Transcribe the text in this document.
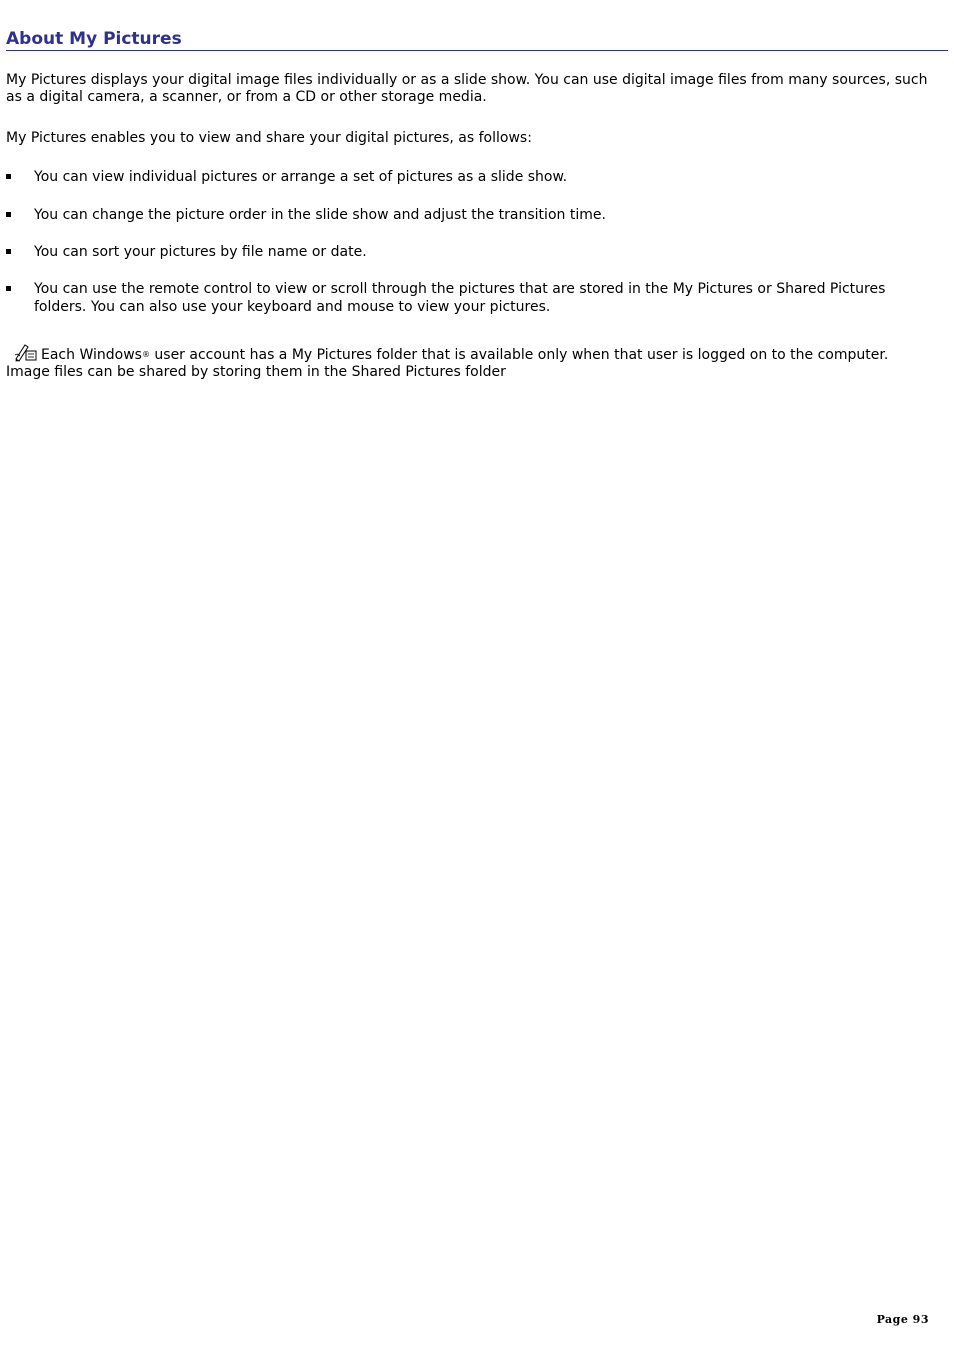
About My Pictures

My Pictures displays your digital image files individually or as a slide show. You can use digital image files from many sources, such as a digital camera, a scanner, or from a CD or other storage media.

My Pictures enables you to view and share your digital pictures, as follows:

You can view individual pictures or arrange a set of pictures as a slide show.
You can change the picture order in the slide show and adjust the transition time.
You can sort your pictures by file name or date.
You can use the remote control to view or scroll through the pictures that are stored in the My Pictures or Shared Pictures folders. You can also use your keyboard and mouse to view your pictures.
Each Windows® user account has a My Pictures folder that is available only when that user is logged on to the computer. Image files can be shared by storing them in the Shared Pictures folder
Page 93
